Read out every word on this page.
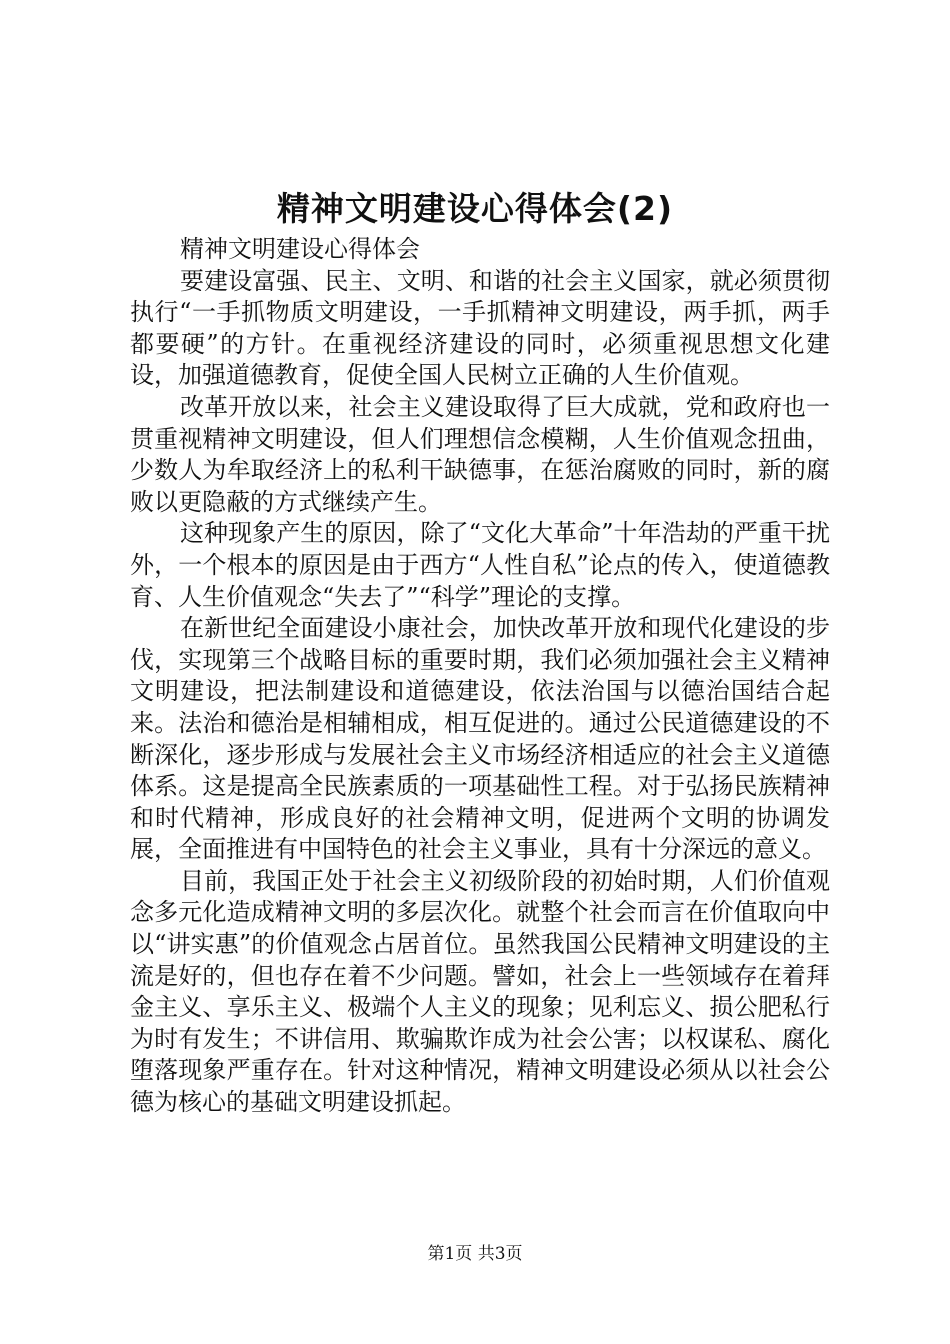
精神文明建设心得体会(2)

精神文明建设心得体会

要建设富强、民主、文明、和谐的社会主义国家，就必须贯彻执行“一手抓物质文明建设，一手抓精神文明建设，两手抓，两手都要硬”的方针。在重视经济建设的同时，必须重视思想文化建设，加强道德教育，促使全国人民树立正确的人生价值观。

改革开放以来，社会主义建设取得了巨大成就，党和政府也一贯重视精神文明建设，但人们理想信念模糊，人生价值观念扭曲，少数人为牟取经济上的私利干缺德事，在惩治腐败的同时，新的腐败以更隐蔽的方式继续产生。

这种现象产生的原因，除了“文化大革命”十年浩劫的严重干扰外，一个根本的原因是由于西方“人性自私”论点的传入，使道德教育、人生价值观念“失去了”“科学”理论的支撑。

在新世纪全面建设小康社会，加快改革开放和现代化建设的步伐，实现第三个战略目标的重要时期，我们必须加强社会主义精神文明建设，把法制建设和道德建设，依法治国与以德治国结合起来。法治和德治是相辅相成，相互促进的。通过公民道德建设的不断深化，逐步形成与发展社会主义市场经济相适应的社会主义道德体系。这是提高全民族素质的一项基础性工程。对于弘扬民族精神和时代精神，形成良好的社会精神文明，促进两个文明的协调发展，全面推进有中国特色的社会主义事业，具有十分深远的意义。

目前，我国正处于社会主义初级阶段的初始时期，人们价值观念多元化造成精神文明的多层次化。就整个社会而言在价值取向中以“讲实惠”的价值观念占居首位。虽然我国公民精神文明建设的主流是好的，但也存在着不少问题。譬如，社会上一些领域存在着拜金主义、享乐主义、极端个人主义的现象；见利忘义、损公肥私行为时有发生；不讲信用、欺骗欺诈成为社会公害；以权谋私、腐化堕落现象严重存在。针对这种情况，精神文明建设必须从以社会公德为核心的基础文明建设抓起。

第1页 共3页
